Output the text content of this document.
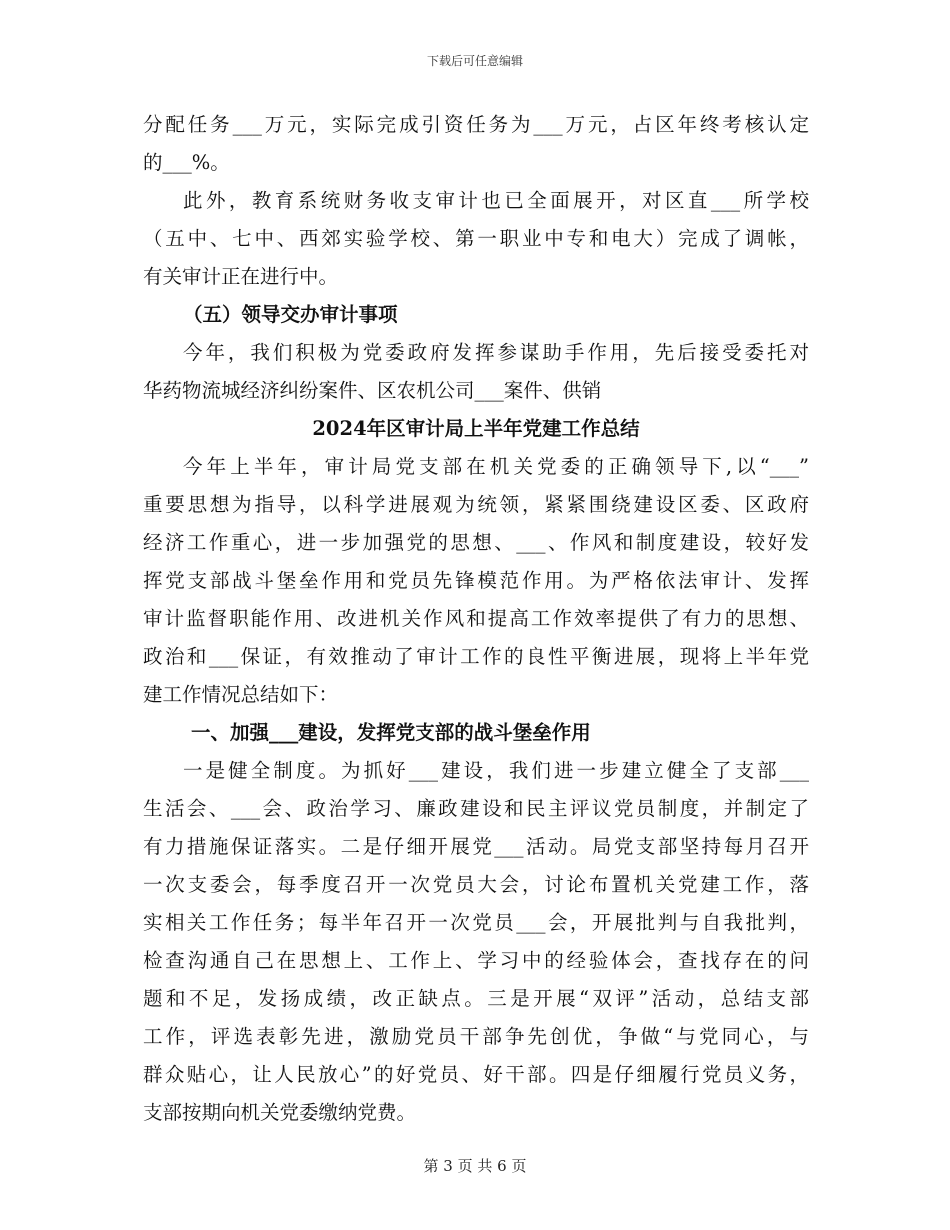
下载后可任意编辑
分配任务___万元，实际完成引资任务为___万元，占区年终考核认定
的___%。
此外，教育系统财务收支审计也已全面展开，对区直___所学校
（五中、七中、西郊实验学校、第一职业中专和电大）完成了调帐，
有关审计正在进行中。
（五）领导交办审计事项
今年，我们积极为党委政府发挥参谋助手作用，先后接受委托对
华药物流城经济纠纷案件、区农机公司___案件、供销
2024年区审计局上半年党建工作总结
今年上半年，审计局党支部在机关党委的正确领导下,以“___”
重要思想为指导，以科学进展观为统领，紧紧围绕建设区委、区政府
经济工作重心，进一步加强党的思想、___、作风和制度建设，较好发
挥党支部战斗堡垒作用和党员先锋模范作用。为严格依法审计、发挥
审计监督职能作用、改进机关作风和提高工作效率提供了有力的思想、
政治和___保证，有效推动了审计工作的良性平衡进展，现将上半年党
建工作情况总结如下：
一、加强___建设，发挥党支部的战斗堡垒作用
一是健全制度。为抓好___建设，我们进一步建立健全了支部___
生活会、___会、政治学习、廉政建设和民主评议党员制度，并制定了
有力措施保证落实。二是仔细开展党___活动。局党支部坚持每月召开
一次支委会，每季度召开一次党员大会，讨论布置机关党建工作，落
实相关工作任务；每半年召开一次党员___会，开展批判与自我批判，
检查沟通自己在思想上、工作上、学习中的经验体会，查找存在的问
题和不足，发扬成绩，改正缺点。三是开展“双评”活动，总结支部
工作，评选表彰先进，激励党员干部争先创优，争做“与党同心，与
群众贴心，让人民放心”的好党员、好干部。四是仔细履行党员义务，
支部按期向机关党委缴纳党费。
第 3 页 共 6 页
